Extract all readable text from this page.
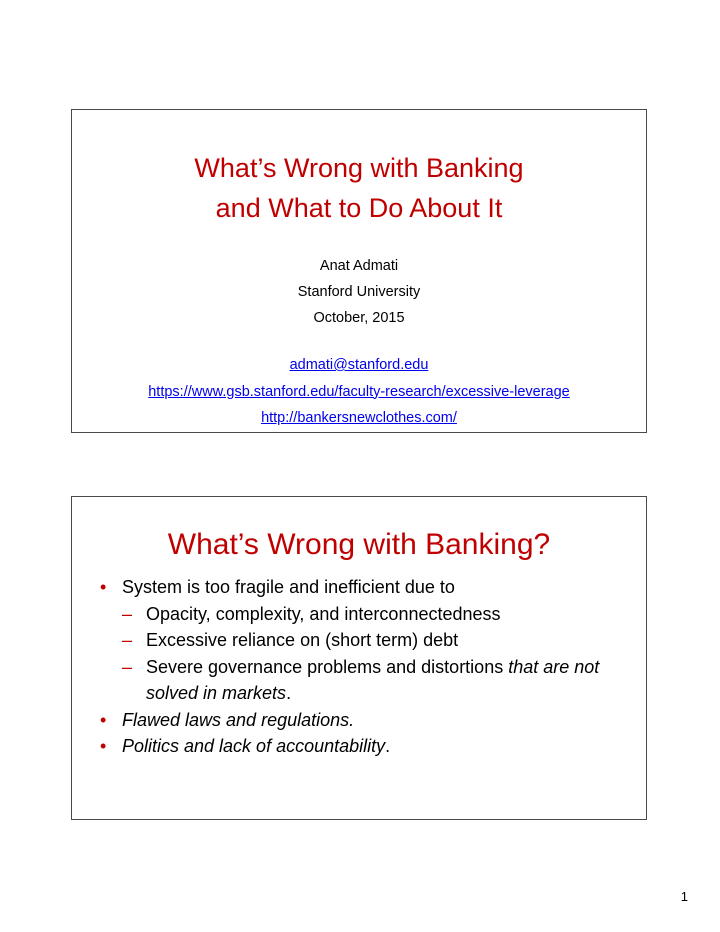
What’s Wrong with Banking
and What to Do About It
Anat Admati
Stanford University
October, 2015
admati@stanford.edu
https://www.gsb.stanford.edu/faculty-research/excessive-leverage
http://bankersnewclothes.com/
What’s Wrong with Banking?
• System is too fragile and inefficient due to
– Opacity, complexity, and interconnectedness
– Excessive reliance on (short term) debt
– Severe governance problems and distortions that are not solved in markets.
• Flawed laws and regulations.
• Politics and lack of accountability.
1
